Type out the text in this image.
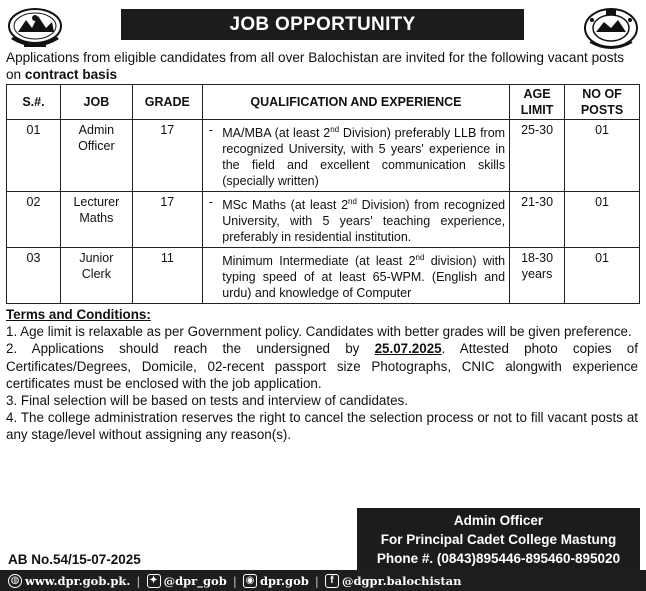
JOB OPPORTUNITY
Applications from eligible candidates from all over Balochistan are invited for the following vacant posts on contract basis
S.#.	JOB	GRADE	QUALIFICATION AND EXPERIENCE		AGE LIMIT	NO OF POSTS
01	Admin Officer	17	-	MA/MBA (at least 2nd Division) preferably LLB from recognized University, with 5 years' experience in the field and excellent communication skills (specially written)	25-30	01
02	Lecturer Maths	17	-	MSc Maths (at least 2nd Division) from recognized University, with 5 years' teaching experience, preferably in residential institution.	21-30	01
03	Junior Clerk	11		Minimum Intermediate (at least 2nd division) with typing speed of at least 65-WPM. (English and urdu) and knowledge of Computer	18-30 years	01

Terms and Conditions:

1. Age limit is relaxable as per Government policy. Candidates with better grades will be given preference.

2. Applications should reach the undersigned by 25.07.2025. Attested photo copies of Certificates/Degrees, Domicile, 02-recent passport size Photographs, CNIC alongwith experience certificates must be enclosed with the job application.

3. Final selection will be based on tests and interview of candidates.

4. The college administration reserves the right to cancel the selection process or not to fill vacant posts at any stage/level without assigning any reason(s).

Admin Officer
For Principal Cadet College Mastung
Phone #. (0843)895446-895460-895020
AB No.54/15-07-2025
◍ www.dpr.gob.pk. | ✦ @dpr_gob | ◉ dpr.gob |	f @dgpr.balochistan
